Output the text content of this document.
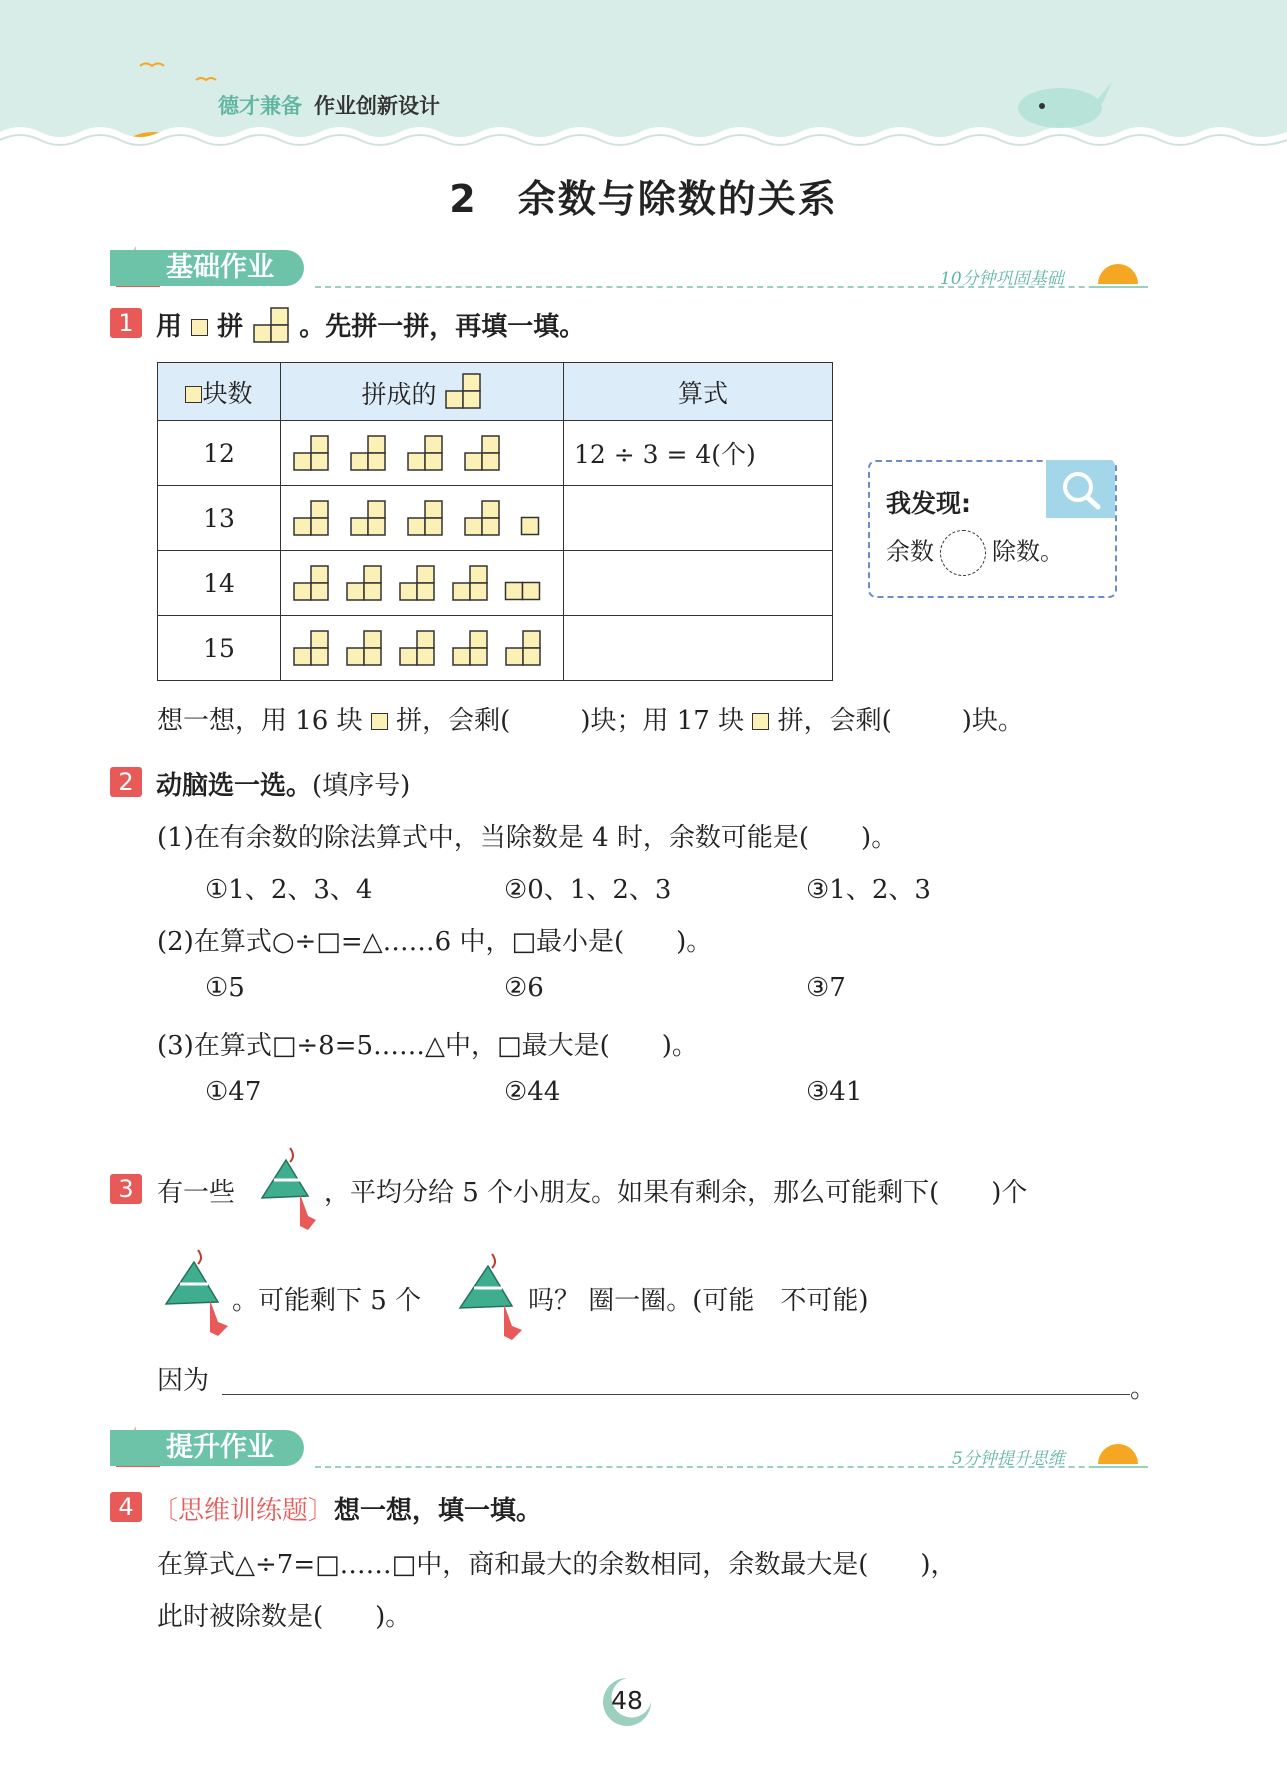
德才兼备 作业创新设计
2　余数与除数的关系
基础作业	10分钟巩固基础
1 用 拼 。先拼一拼，再填一填。
块数	拼成的	算式
12		12 ÷ 3 = 4(个)
13	

14	

15	

我发现:
余数 除数。
想一想，用 16 块 拼，会剩(	)块；用 17 块 拼，会剩(	)块。
2 动脑选一选。(填序号)
(1)在有余数的除法算式中，当除数是 4 时，余数可能是(　　)。
①1、2、3、4	②0、1、2、3	③1、2、3
(2)在算式○÷□=△……6 中，□最小是(　　)。
①5	②6	③7
(3)在算式□÷8=5……△中，□最大是(　　)。
①47	②44	③41
3 有一些	，平均分给 5 个小朋友。如果有剩余，那么可能剩下(　　)个
。可能剩下 5 个	吗？ 圈一圈。(可能　不可能)
因为	。
提升作业	5分钟提升思维
4 〔思维训练题〕想一想，填一填。
在算式△÷7=□……□中，商和最大的余数相同，余数最大是(　　)，
此时被除数是(　　)。
48
